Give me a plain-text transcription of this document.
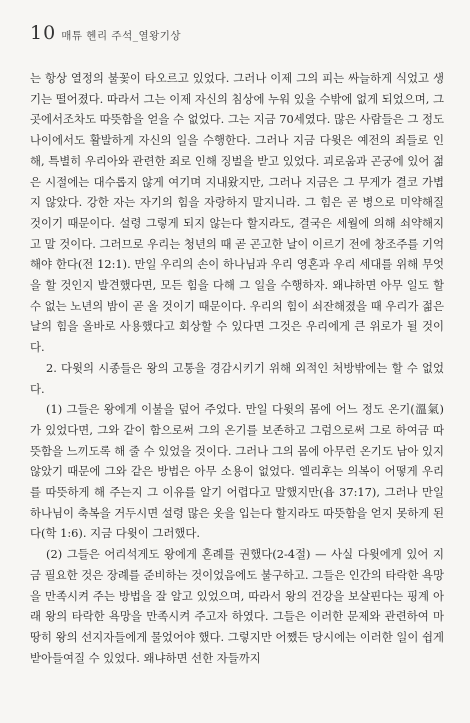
10 매튜 헨리 주석_열왕기상

는 항상 열정의 불꽃이 타오르고 있었다. 그러나 이제 그의 피는 싸늘하게 식었고 생기는 떨어졌다. 따라서 그는 이제 자신의 침상에 누워 있을 수밖에 없게 되었으며, 그 곳에서조차도 따뜻함을 얻을 수 없었다. 그는 지금 70세였다. 많은 사람들은 그 정도 나이에서도 활발하게 자신의 일을 수행한다. 그러나 지금 다윗은 예전의 죄들로 인해, 특별히 우리아와 관련한 죄로 인해 징벌을 받고 있었다. 괴로움과 곤궁에 있어 젊은 시절에는 대수롭지 않게 여기며 지내왔지만, 그러나 지금은 그 무게가 결코 가볍지 않았다. 강한 자는 자기의 힘을 자랑하지 말지니라. 그 힘은 곧 병으로 미약해질 것이기 때문이다. 설령 그렇게 되지 않는다 할지라도, 결국은 세월에 의해 쇠약해지고 말 것이다. 그러므로 우리는 청년의 때 곧 곤고한 날이 이르기 전에 창조주를 기억해야 한다(전 12:1). 만일 우리의 손이 하나님과 우리 영혼과 우리 세대를 위해 무엇을 할 것인지 발견했다면, 모든 힘을 다해 그 일을 수행하자. 왜냐하면 아무 일도 할 수 없는 노년의 밤이 곧 올 것이기 때문이다. 우리의 힘이 쇠잔해졌을 때 우리가 젊은 날의 힘을 올바로 사용했다고 회상할 수 있다면 그것은 우리에게 큰 위로가 될 것이다.

2. 다윗의 시종들은 왕의 고통을 경감시키기 위해 외적인 처방밖에는 할 수 없었다.

(1) 그들은 왕에게 이불을 덮어 주었다. 만일 다윗의 몸에 어느 정도 온기(溫氣)가 있었다면, 그와 같이 함으로써 그의 온기를 보존하고 그럼으로써 그로 하여금 따뜻함을 느끼도록 해 줄 수 있었을 것이다. 그러나 그의 몸에 아무런 온기도 남아 있지 않았기 때문에 그와 같은 방법은 아무 소용이 없었다. 엘리후는 의복이 어떻게 우리를 따뜻하게 해 주는지 그 이유를 알기 어렵다고 말했지만(욥 37:17), 그러나 만일 하나님이 축복을 거두시면 설령 많은 옷을 입는다 할지라도 따뜻함을 얻지 못하게 된다(학 1:6). 지금 다윗이 그러했다.

(2) 그들은 어리석게도 왕에게 혼례를 권했다(2-4절) — 사실 다윗에게 있어 지금 필요한 것은 장례를 준비하는 것이었음에도 불구하고. 그들은 인간의 타락한 욕망을 만족시켜 주는 방법을 잘 알고 있었으며, 따라서 왕의 건강을 보살핀다는 핑계 아래 왕의 타락한 욕망을 만족시켜 주고자 하였다. 그들은 이러한 문제와 관련하여 마땅히 왕의 선지자들에게 물었어야 했다. 그렇지만 어쨌든 당시에는 이러한 일이 쉽게 받아들여질 수 있었다. 왜냐하면 선한 자들까지
